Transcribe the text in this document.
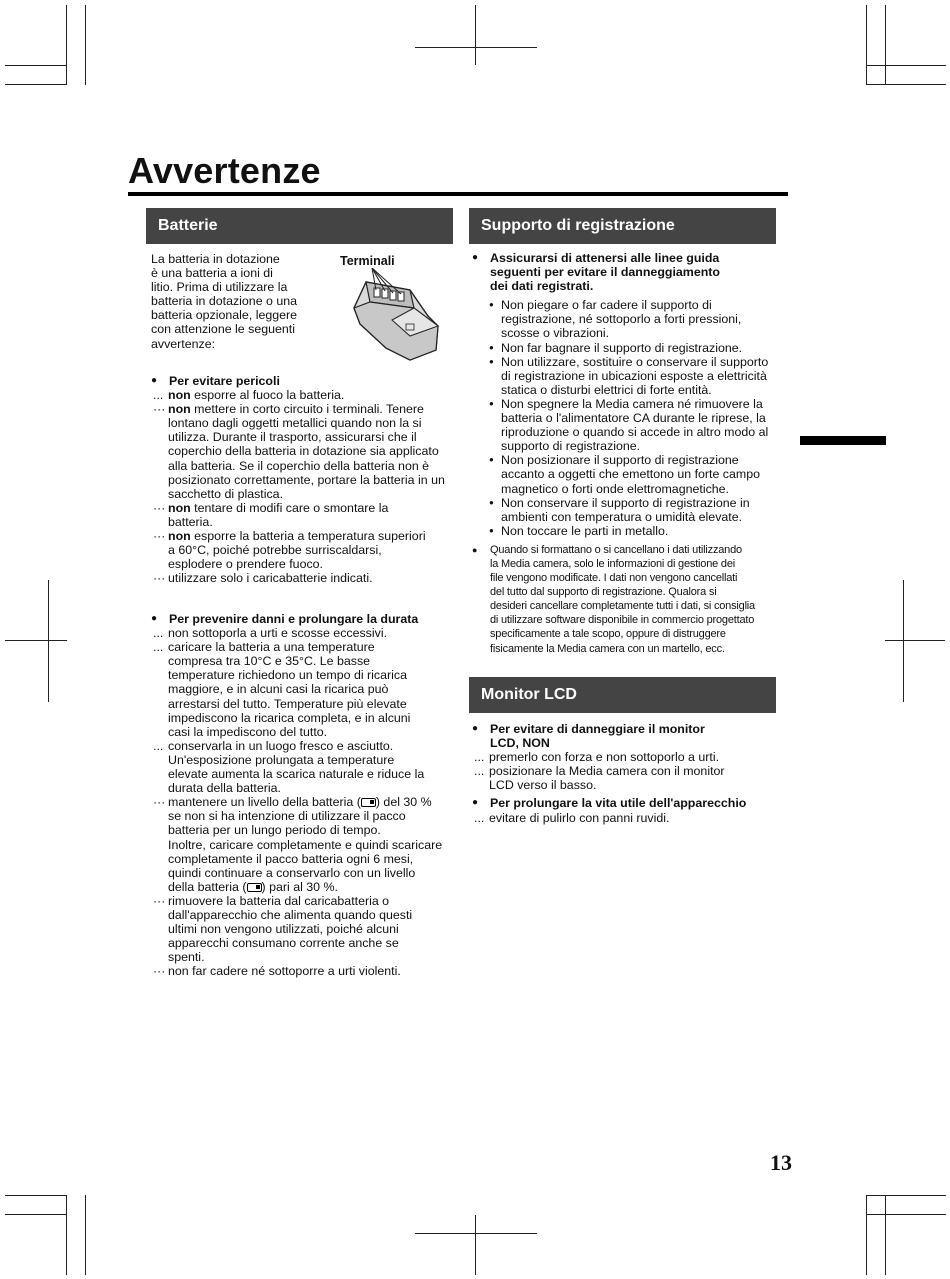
Avvertenze
Batterie
La batteria in dotazione
è una batteria a ioni di
litio. Prima di utilizzare la
batteria in dotazione o una
batteria opzionale, leggere
con attenzione le seguenti
avvertenze:
Terminali
● Per evitare pericoli
... non esporre al fuoco la batteria.
··· non mettere in corto circuito i terminali. Tenere
lontano dagli oggetti metallici quando non la si
utilizza. Durante il trasporto, assicurarsi che il
coperchio della batteria in dotazione sia applicato
alla batteria. Se il coperchio della batteria non è
posizionato correttamente, portare la batteria in un
sacchetto di plastica.
··· non tentare di modifi care o smontare la
batteria.
··· non esporre la batteria a temperatura superiori
a 60°C, poiché potrebbe surriscaldarsi,
esplodere o prendere fuoco.
··· utilizzare solo i caricabatterie indicati.
● Per prevenire danni e prolungare la durata
... non sottoporla a urti e scosse eccessivi.
... caricare la batteria a una temperature
compresa tra 10°C e 35°C. Le basse
temperature richiedono un tempo di ricarica
maggiore, e in alcuni casi la ricarica può
arrestarsi del tutto. Temperature più elevate
impediscono la ricarica completa, e in alcuni
casi la impediscono del tutto.
... conservarla in un luogo fresco e asciutto.
Un'esposizione prolungata a temperature
elevate aumenta la scarica naturale e riduce la
durata della batteria.
··· mantenere un livello della batteria ( ) del 30 %
se non si ha intenzione di utilizzare il pacco
batteria per un lungo periodo di tempo.
Inoltre, caricare completamente e quindi scaricare
completamente il pacco batteria ogni 6 mesi,
quindi continuare a conservarlo con un livello
della batteria ( ) pari al 30 %.
··· rimuovere la batteria dal caricabatteria o
dall'apparecchio che alimenta quando questi
ultimi non vengono utilizzati, poiché alcuni
apparecchi consumano corrente anche se
spenti.
··· non far cadere né sottoporre a urti violenti.
Supporto di registrazione
● Assicurarsi di attenersi alle linee guida
seguenti per evitare il danneggiamento
dei dati registrati.
● Non piegare o far cadere il supporto di
registrazione, né sottoporlo a forti pressioni,
scosse o vibrazioni.
● Non far bagnare il supporto di registrazione.
● Non utilizzare, sostituire o conservare il supporto
di registrazione in ubicazioni esposte a elettricità
statica o disturbi elettrici di forte entità.
● Non spegnere la Media camera né rimuovere la
batteria o l'alimentatore CA durante le riprese, la
riproduzione o quando si accede in altro modo al
supporto di registrazione.
● Non posizionare il supporto di registrazione
accanto a oggetti che emettono un forte campo
magnetico o forti onde elettromagnetiche.
● Non conservare il supporto di registrazione in
ambienti con temperatura o umidità elevate.
● Non toccare le parti in metallo.
● Quando si formattano o si cancellano i dati utilizzando
la Media camera, solo le informazioni di gestione dei
file vengono modificate. I dati non vengono cancellati
del tutto dal supporto di registrazione. Qualora si
desideri cancellare completamente tutti i dati, si consiglia
di utilizzare software disponibile in commercio progettato
specificamente a tale scopo, oppure di distruggere
fisicamente la Media camera con un martello, ecc.
Monitor LCD
● Per evitare di danneggiare il monitor
LCD, NON
... premerlo con forza e non sottoporlo a urti.
... posizionare la Media camera con il monitor
LCD verso il basso.
● Per prolungare la vita utile dell'apparecchio
... evitare di pulirlo con panni ruvidi.
13
